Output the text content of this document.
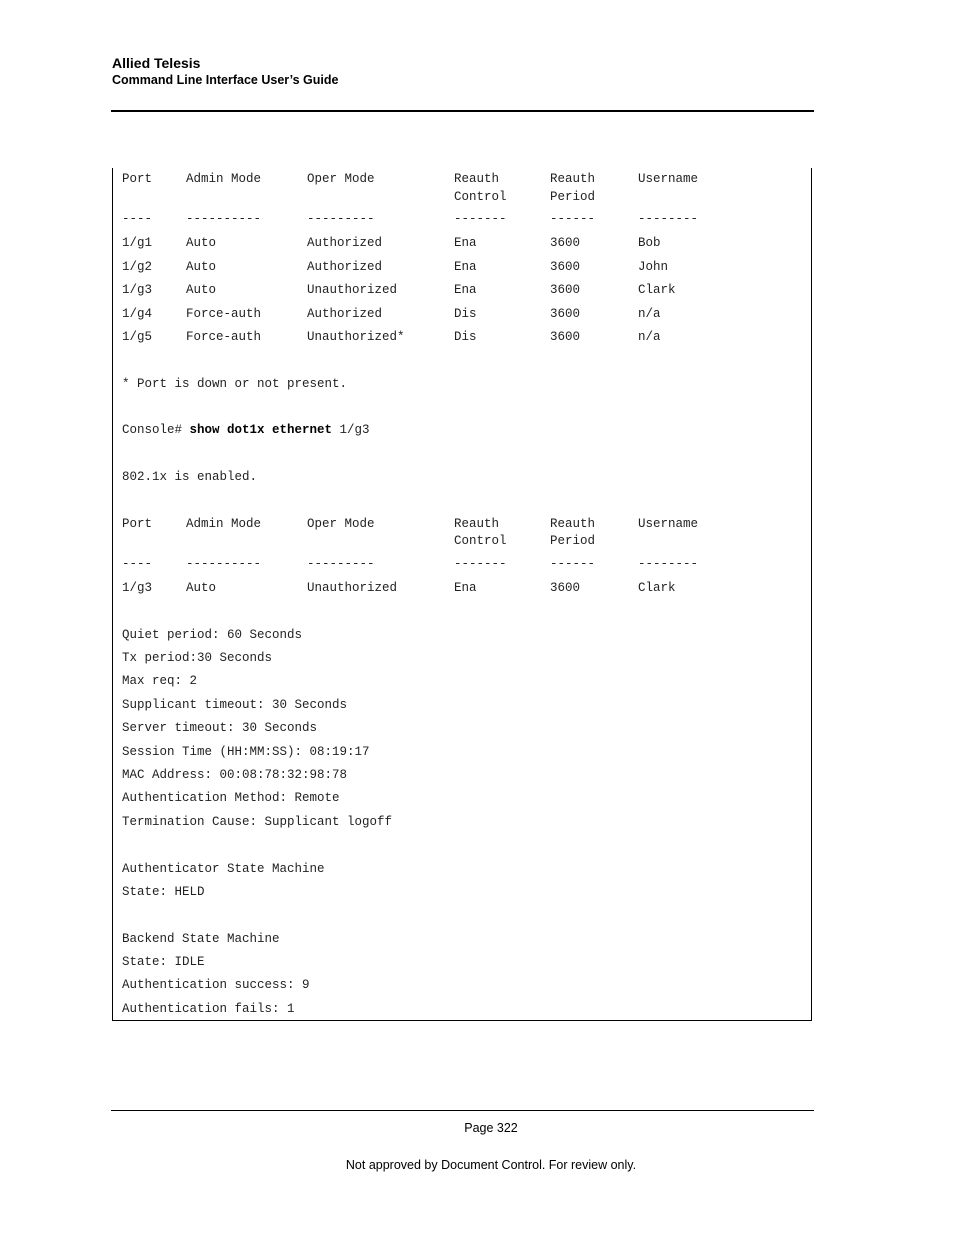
Allied Telesis
Command Line Interface User’s Guide
Port	Admin Mode	Oper Mode	Reauth	Reauth	Username
Control	Period
----	----------	---------	-------	------	--------
1/g1	Auto	Authorized	Ena	3600	Bob
1/g2	Auto	Authorized	Ena	3600	John
1/g3	Auto	Unauthorized	Ena	3600	Clark
1/g4	Force-auth	Authorized	Dis	3600	n/a
1/g5	Force-auth	Unauthorized*	Dis	3600	n/a
* Port is down or not present.
Console# show dot1x ethernet 1/g3
802.1x is enabled.
Port	Admin Mode	Oper Mode	Reauth	Reauth	Username
Control	Period
----	----------	---------	-------	------	--------
1/g3	Auto	Unauthorized	Ena	3600	Clark
Quiet period: 60 Seconds
Tx period:30 Seconds
Max req: 2
Supplicant timeout: 30 Seconds
Server timeout: 30 Seconds
Session Time (HH:MM:SS): 08:19:17
MAC Address: 00:08:78:32:98:78
Authentication Method: Remote
Termination Cause: Supplicant logoff
Authenticator State Machine
State: HELD
Backend State Machine
State: IDLE
Authentication success: 9
Authentication fails: 1
Page 322
Not approved by Document Control. For review only.
